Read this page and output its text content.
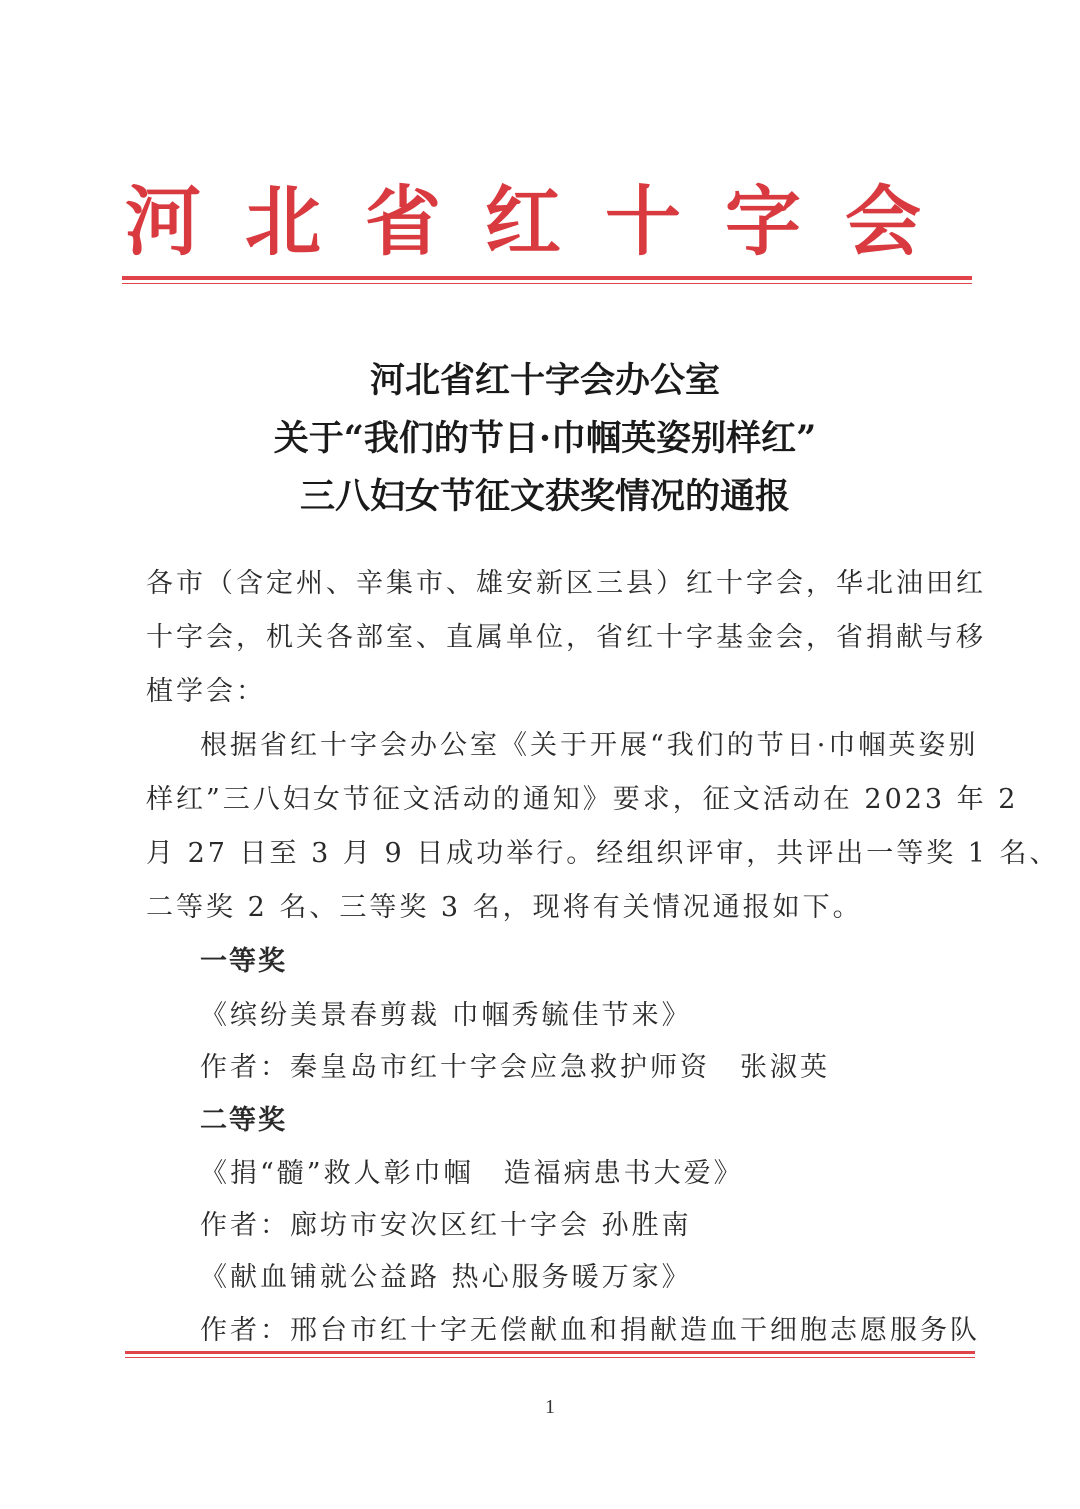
河北省红十字会
河北省红十字会办公室
关于“我们的节日·巾帼英姿别样红”
三八妇女节征文获奖情况的通报
各市（含定州、辛集市、雄安新区三县）红十字会，华北油田红
十字会，机关各部室、直属单位，省红十字基金会，省捐献与移
植学会：
根据省红十字会办公室《关于开展“我们的节日·巾帼英姿别
样红”三八妇女节征文活动的通知》要求，征文活动在 2023 年 2
月 27 日至 3 月 9 日成功举行。经组织评审，共评出一等奖 1 名、
二等奖 2 名、三等奖 3 名，现将有关情况通报如下。
一等奖
《缤纷美景春剪裁 巾帼秀毓佳节来》
作者：秦皇岛市红十字会应急救护师资　张淑英
二等奖
《捐“髓”救人彰巾帼　造福病患书大爱》
作者：廊坊市安次区红十字会 孙胜南
《献血铺就公益路 热心服务暖万家》
作者：邢台市红十字无偿献血和捐献造血干细胞志愿服务队
1
